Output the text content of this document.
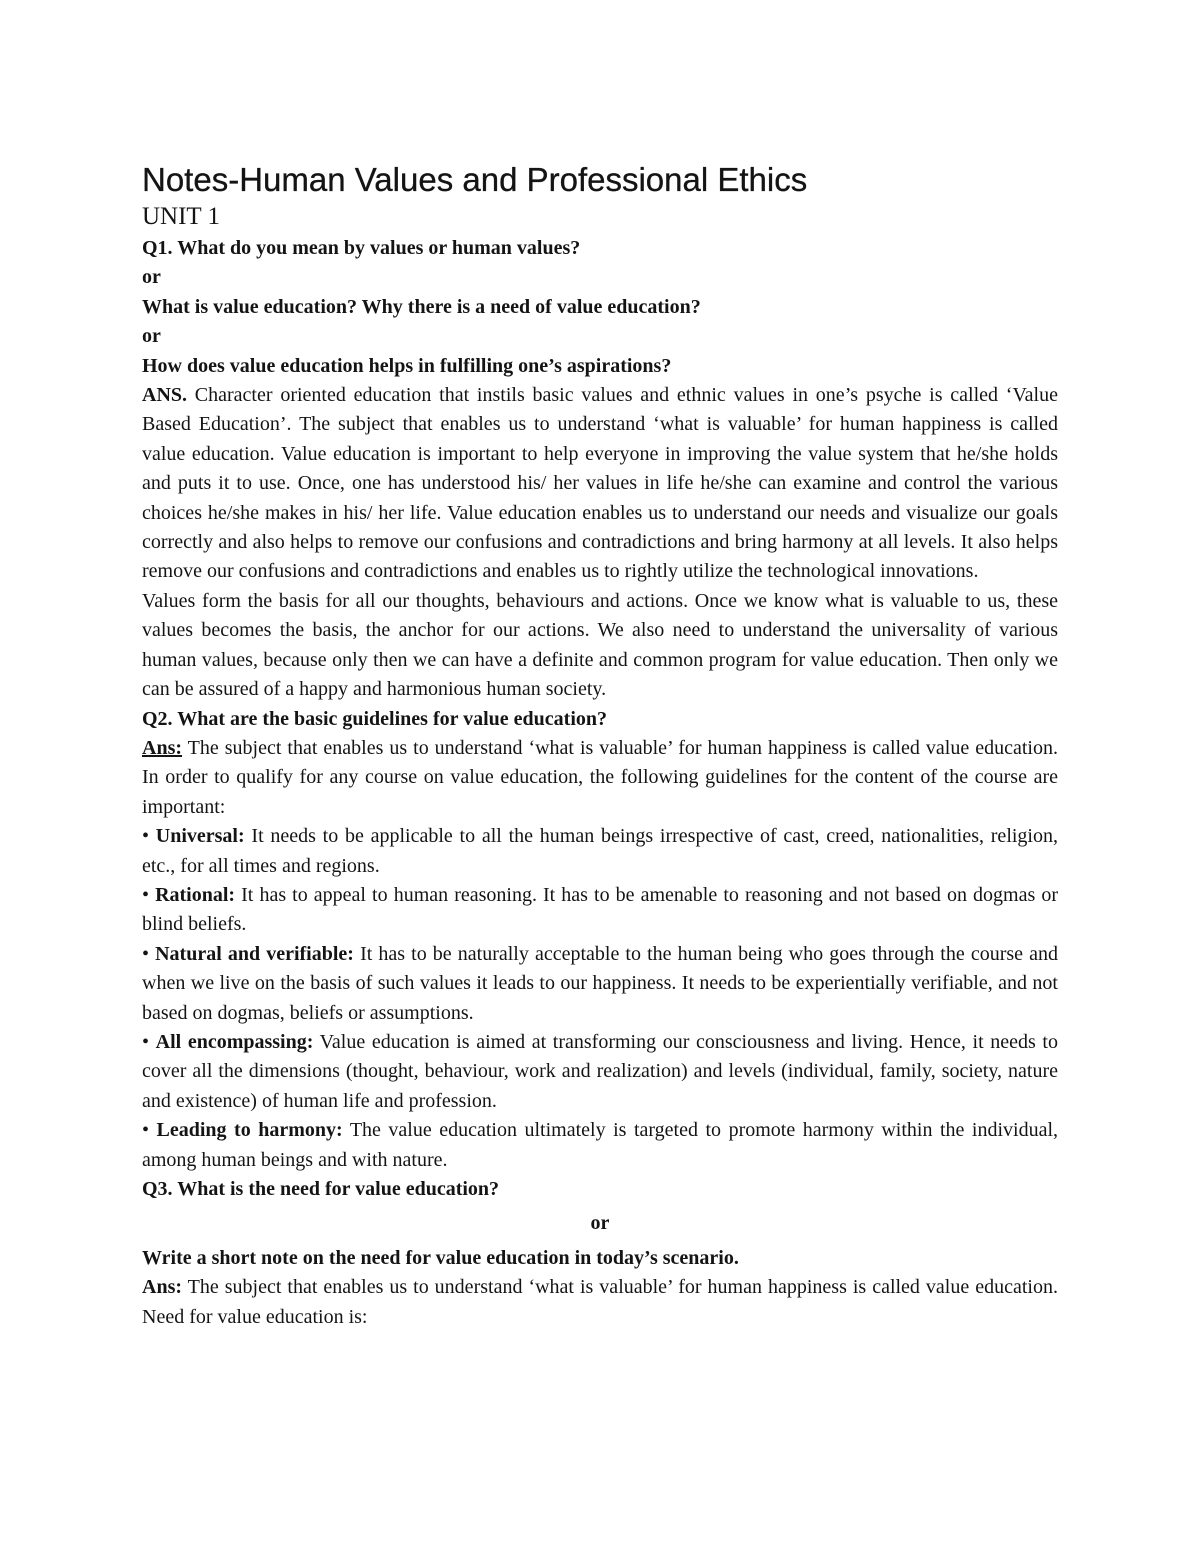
Notes-Human Values and Professional Ethics

UNIT 1

Q1. What do you mean by values or human values?

or

What is value education? Why there is a need of value education?

or

How does value education helps in fulfilling one’s aspirations?

ANS. Character oriented education that instils basic values and ethnic values in one’s psyche is called ‘Value Based Education’. The subject that enables us to understand ‘what is valuable’ for human happiness is called value education. Value education is important to help everyone in improving the value system that he/she holds and puts it to use. Once, one has understood his/ her values in life he/she can examine and control the various choices he/she makes in his/ her life. Value education enables us to understand our needs and visualize our goals correctly and also helps to remove our confusions and contradictions and bring harmony at all levels. It also helps remove our confusions and contradictions and enables us to rightly utilize the technological innovations.

Values form the basis for all our thoughts, behaviours and actions. Once we know what is valuable to us, these values becomes the basis, the anchor for our actions. We also need to understand the universality of various human values, because only then we can have a definite and common program for value education. Then only we can be assured of a happy and harmonious human society.

Q2. What are the basic guidelines for value education?

Ans: The subject that enables us to understand ‘what is valuable’ for human happiness is called value education. In order to qualify for any course on value education, the following guidelines for the content of the course are important:

• Universal: It needs to be applicable to all the human beings irrespective of cast, creed, nationalities, religion, etc., for all times and regions.

• Rational: It has to appeal to human reasoning. It has to be amenable to reasoning and not based on dogmas or blind beliefs.

• Natural and verifiable: It has to be naturally acceptable to the human being who goes through the course and when we live on the basis of such values it leads to our happiness. It needs to be experientially verifiable, and not based on dogmas, beliefs or assumptions.

• All encompassing: Value education is aimed at transforming our consciousness and living. Hence, it needs to cover all the dimensions (thought, behaviour, work and realization) and levels (individual, family, society, nature and existence) of human life and profession.

• Leading to harmony: The value education ultimately is targeted to promote harmony within the individual, among human beings and with nature.

Q3. What is the need for value education?

or

Write a short note on the need for value education in today’s scenario.

Ans: The subject that enables us to understand ‘what is valuable’ for human happiness is called value education. Need for value education is:
